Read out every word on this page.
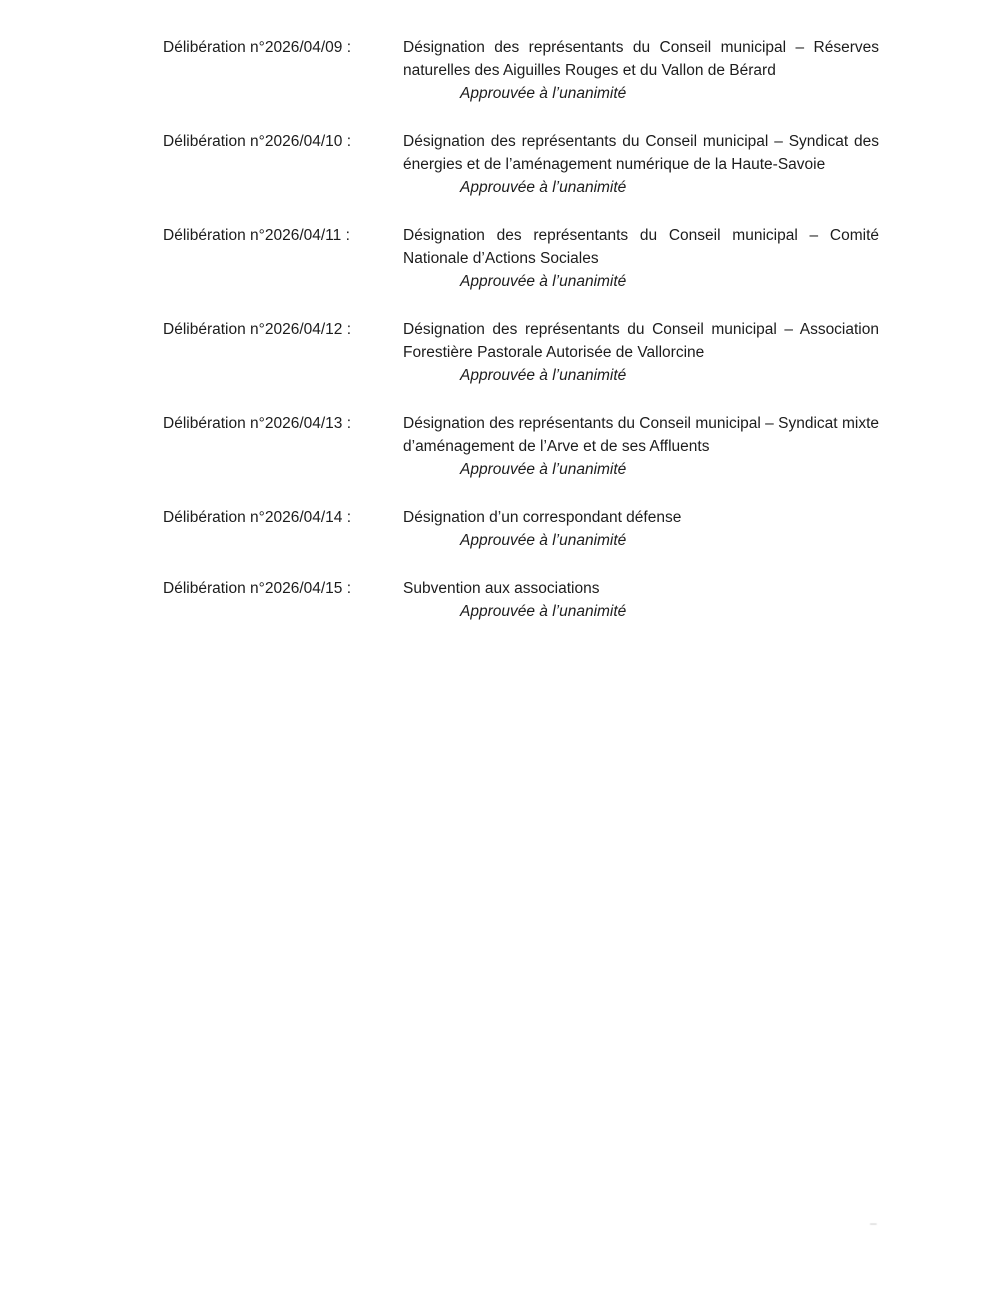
Délibération n°2026/04/09 :	Désignation des représentants du Conseil municipal – Réserves naturelles des Aiguilles Rouges et du Vallon de Bérard
Approuvée à l’unanimité
Délibération n°2026/04/10 :	Désignation des représentants du Conseil municipal – Syndicat des énergies et de l’aménagement numérique de la Haute-Savoie
Approuvée à l’unanimité
Délibération n°2026/04/11 :	Désignation des représentants du Conseil municipal – Comité Nationale d’Actions Sociales
Approuvée à l’unanimité
Délibération n°2026/04/12 :	Désignation des représentants du Conseil municipal – Association Forestière Pastorale Autorisée de Vallorcine
Approuvée à l’unanimité
Délibération n°2026/04/13 :	Désignation des représentants du Conseil municipal – Syndicat mixte d’aménagement de l’Arve et de ses Affluents
Approuvée à l’unanimité
Délibération n°2026/04/14 :	Désignation d’un correspondant défense
Approuvée à l’unanimité
Délibération n°2026/04/15 :	Subvention aux associations
Approuvée à l’unanimité
–
